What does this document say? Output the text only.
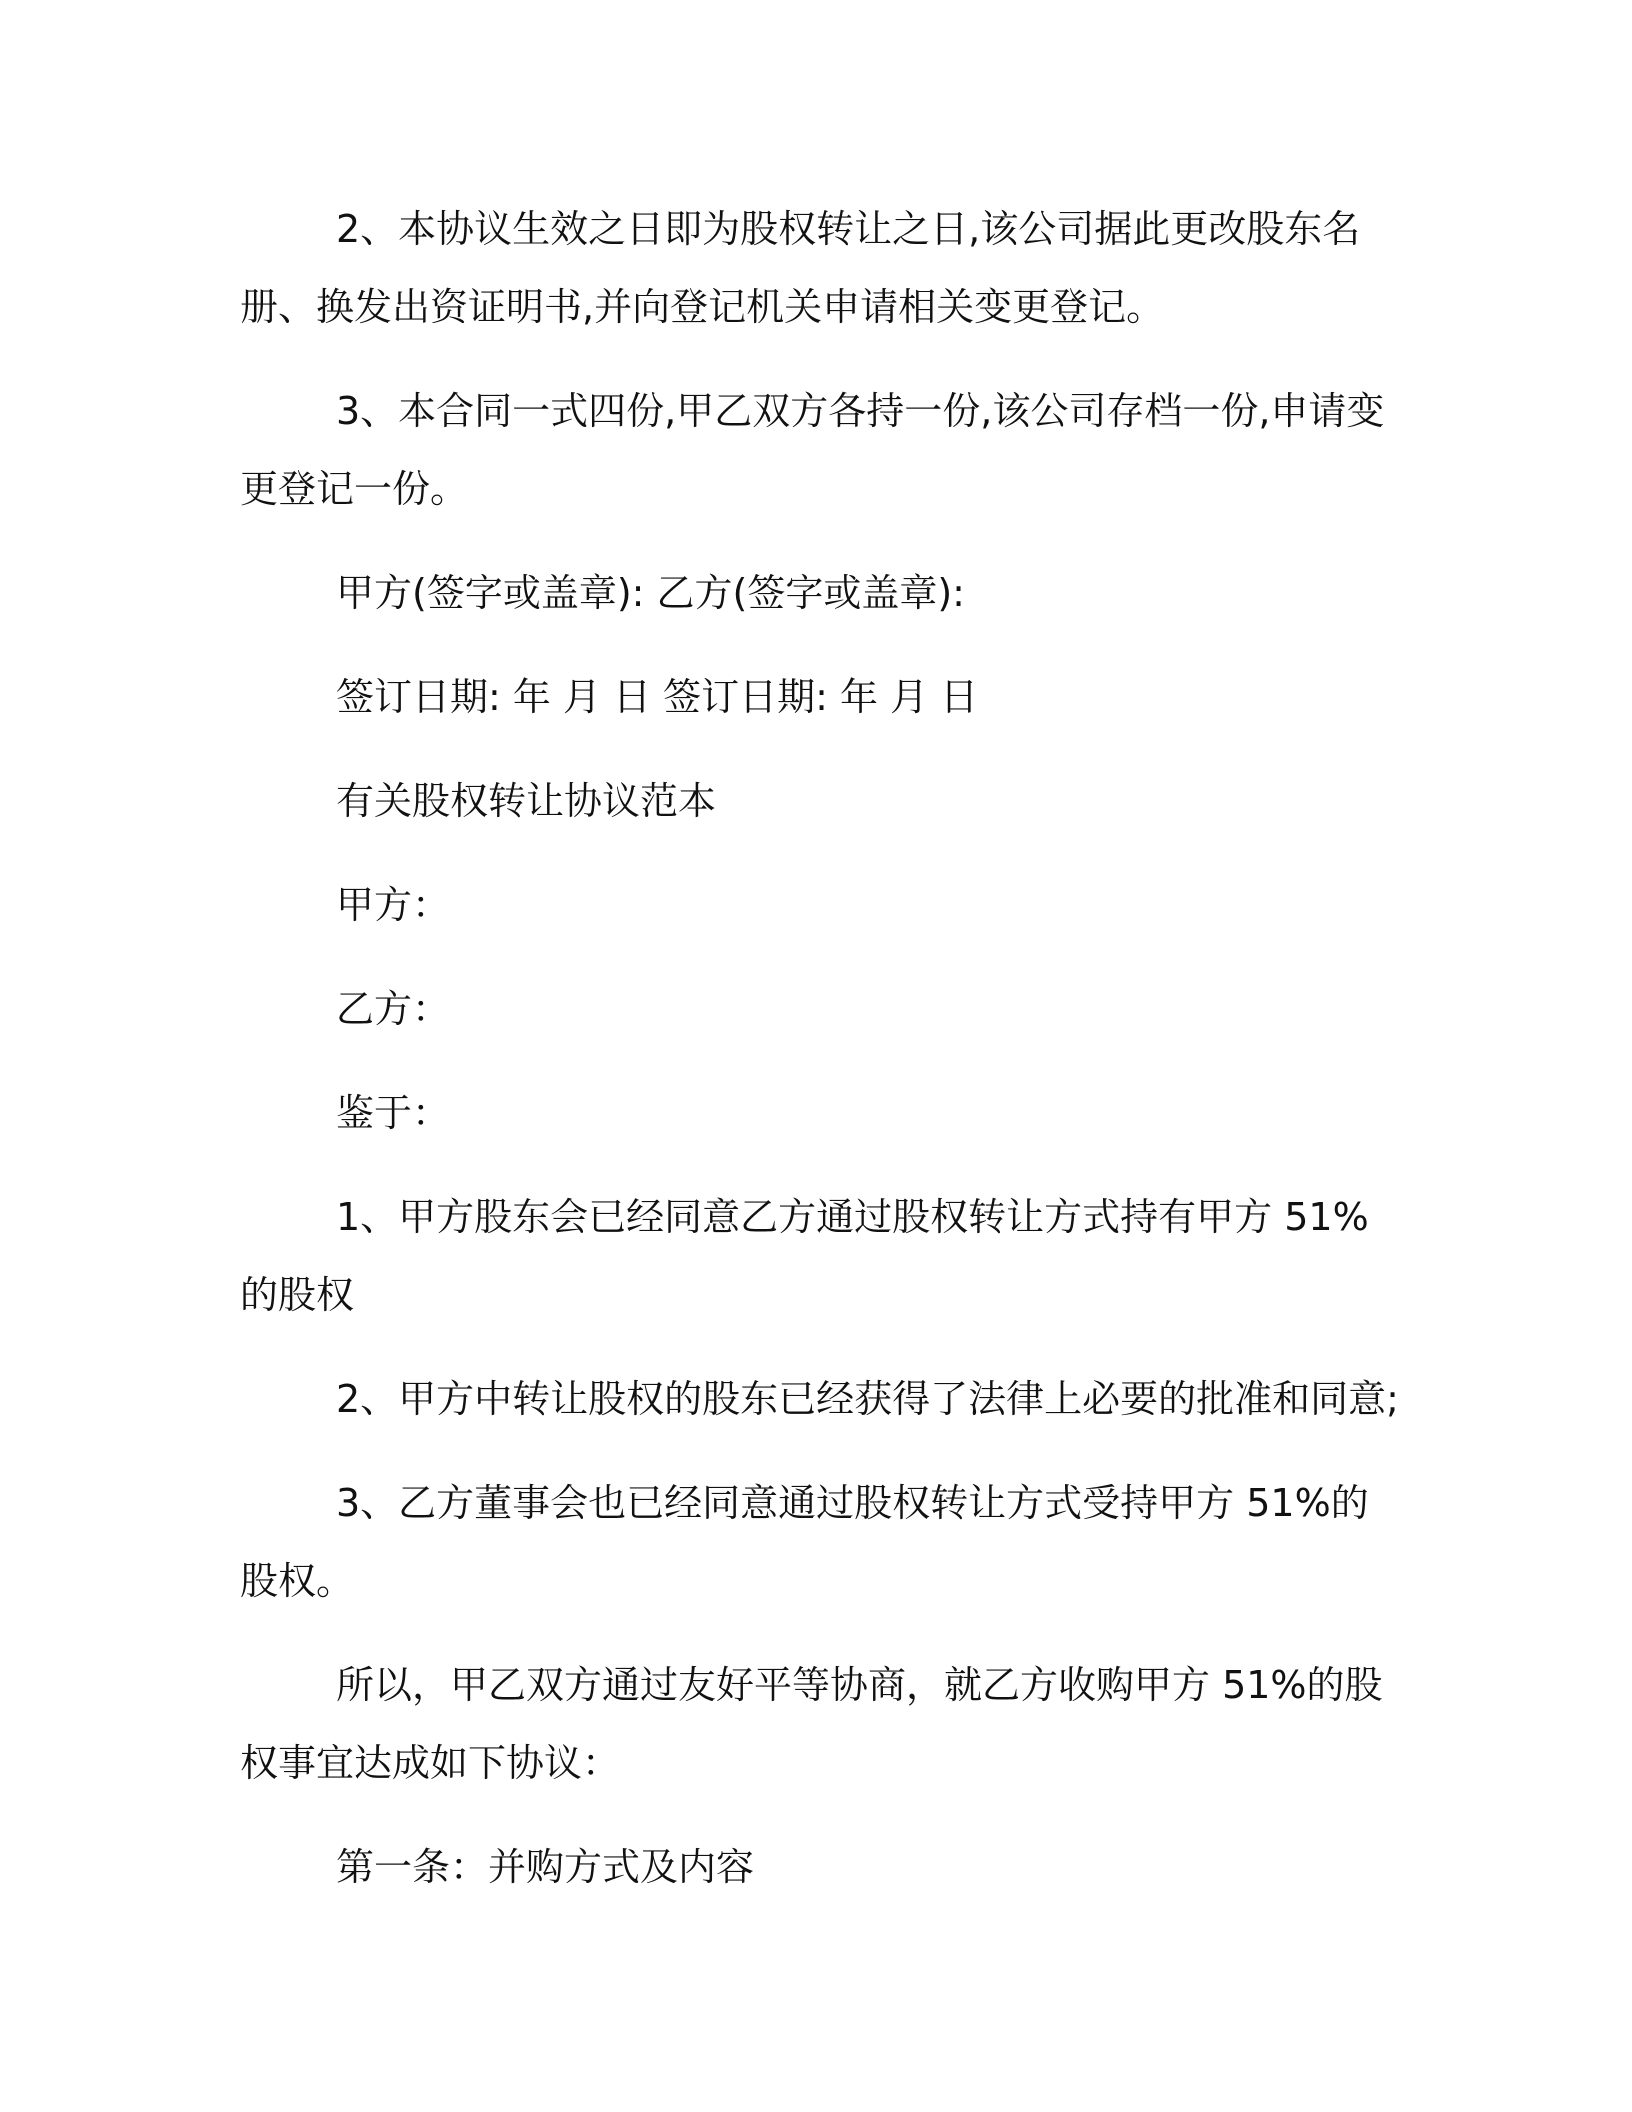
2、本协议生效之日即为股权转让之日,该公司据此更改股东名册、换发出资证明书,并向登记机关申请相关变更登记。

3、本合同一式四份,甲乙双方各持一份,该公司存档一份,申请变更登记一份。

甲方(签字或盖章): 乙方(签字或盖章):

签订日期: 年 月 日 签订日期: 年 月 日

有关股权转让协议范本

甲方：

乙方：

鉴于：

1、甲方股东会已经同意乙方通过股权转让方式持有甲方 51%的股权

2、甲方中转让股权的股东已经获得了法律上必要的批准和同意;

3、乙方董事会也已经同意通过股权转让方式受持甲方 51%的股权。

所以，甲乙双方通过友好平等协商，就乙方收购甲方 51%的股权事宜达成如下协议：

第一条：并购方式及内容
